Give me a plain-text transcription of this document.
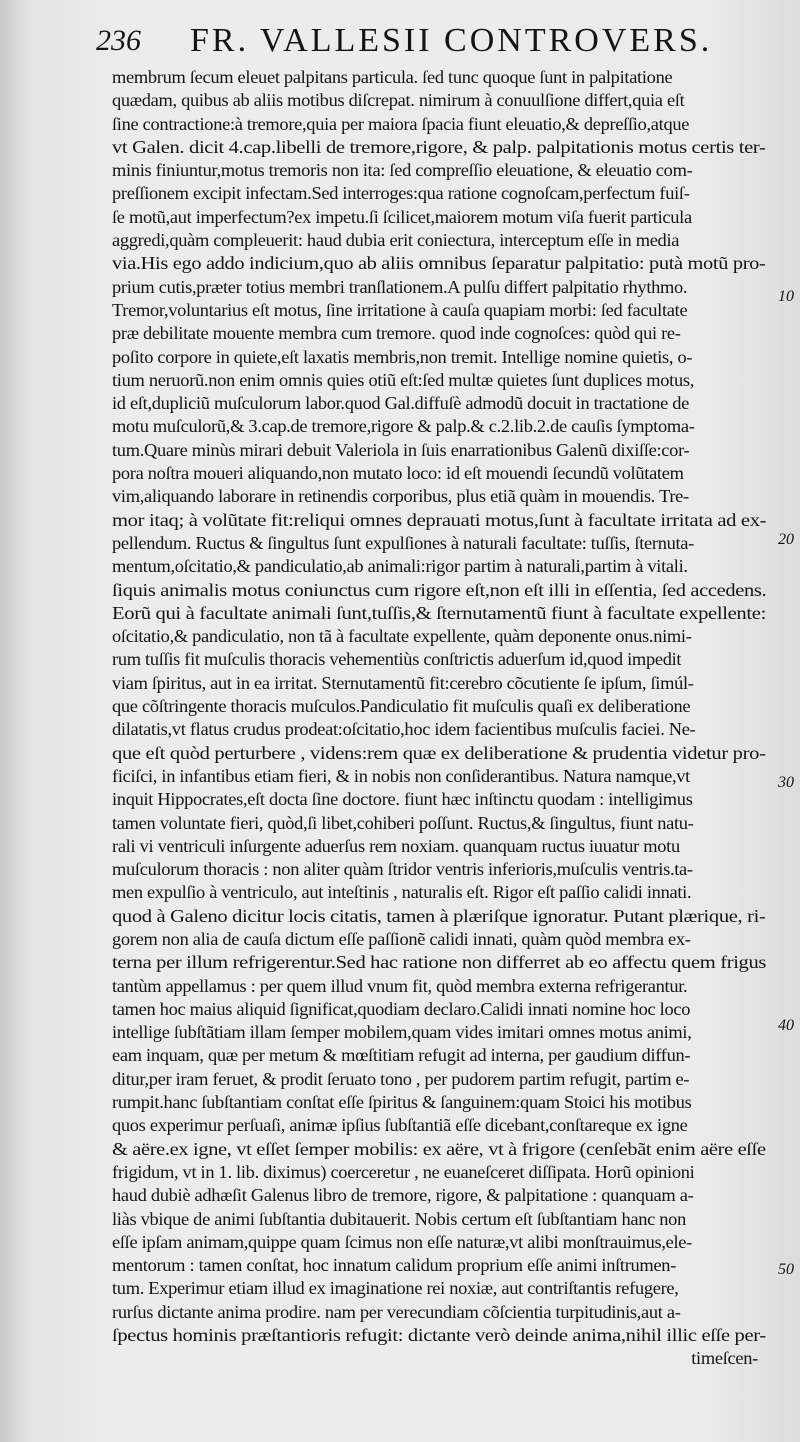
236 FR. VALLESII CONTROVERS.
membrum ſecum eleuet palpitans particula. ſed tunc quoque ſunt in palpitatione
quædam, quibus ab aliis motibus diſcrepat. nimirum à conuulſione differt,quia eſt
ſine contractione:à tremore,quia per maiora ſpacia fiunt eleuatio,& depreſſio,atque
vt Galen. dicit 4.cap.libelli de tremore,rigore, & palp. palpitationis motus certis ter-
minis finiuntur,motus tremoris non ita: ſed compreſſio eleuatione, & eleuatio com-
preſſionem excipit infectam.Sed interroges:qua ratione cognoſcam,perfectum fuiſ-
ſe motũ,aut imperfectum?ex impetu.ſi ſcilicet,maiorem motum viſa fuerit particula
aggredi,quàm compleuerit: haud dubia erit coniectura, interceptum eſſe in media
via.His ego addo indicium,quo ab aliis omnibus ſeparatur palpitatio: putà motũ pro-
prium cutis,præter totius membri tranſlationem.A pulſu differt palpitatio rhythmo.
Tremor,voluntarius eſt motus, ſine irritatione à cauſa quapiam morbi: ſed facultate
præ debilitate mouente membra cum tremore. quod inde cognoſces: quòd qui re-
poſito corpore in quiete,eſt laxatis membris,non tremit. Intellige nomine quietis, o-
tium neruorũ.non enim omnis quies otiũ eſt:ſed multæ quietes ſunt duplices motus,
id eſt,dupliciũ muſculorum labor.quod Gal.diffuſè admodũ docuit in tractatione de
motu muſculorũ,& 3.cap.de tremore,rigore & palp.& c.2.lib.2.de cauſis ſymptoma-
tum.Quare minùs mirari debuit Valeriola in ſuis enarrationibus Galenũ dixiſſe:cor-
pora noſtra moueri aliquando,non mutato loco: id eſt mouendi ſecundũ volũtatem
vim,aliquando laborare in retinendis corporibus, plus etiã quàm in mouendis. Tre-
mor itaq; à volũtate fit:reliqui omnes deprauati motus,ſunt à facultate irritata ad ex-
pellendum. Ructus & ſingultus ſunt expulſiones à naturali facultate: tuſſis, ſternuta-
mentum,oſcitatio,& pandiculatio,ab animali:rigor partim à naturali,partim à vitali.
ſiquis animalis motus coniunctus cum rigore eſt,non eſt illi in eſſentia, ſed accedens.
Eorũ qui à facultate animali ſunt,tuſſis,& ſternutamentũ fiunt à facultate expellente:
oſcitatio,& pandiculatio, non tã à facultate expellente, quàm deponente onus.nimi-
rum tuſſis fit muſculis thoracis vehementiùs conſtrictis aduerſum id,quod impedit
viam ſpiritus, aut in ea irritat. Sternutamentũ fit:cerebro cõcutiente ſe ipſum, ſimúl-
que cõſtringente thoracis muſculos.Pandiculatio fit muſculis quaſi ex deliberatione
dilatatis,vt flatus crudus prodeat:oſcitatio,hoc idem facientibus muſculis faciei. Ne-
que eſt quòd perturbere , videns:rem quæ ex deliberatione & prudentia videtur pro-
ficiſci, in infantibus etiam fieri, & in nobis non conſiderantibus. Natura namque,vt
inquit Hippocrates,eſt docta ſine doctore. fiunt hæc inſtinctu quodam : intelligimus
tamen voluntate fieri, quòd,ſi libet,cohiberi poſſunt. Ructus,& ſingultus, fiunt natu-
rali vi ventriculi inſurgente aduerſus rem noxiam. quanquam ructus iuuatur motu
muſculorum thoracis : non aliter quàm ſtridor ventris inferioris,muſculis ventris.ta-
men expulſio à ventriculo, aut inteſtinis , naturalis eſt. Rigor eſt paſſio calidi innati.
quod à Galeno dicitur locis citatis, tamen à plæriſque ignoratur. Putant plærique, ri-
gorem non alia de cauſa dictum eſſe paſſionẽ calidi innati, quàm quòd membra ex-
terna per illum refrigerentur.Sed hac ratione non differret ab eo affectu quem frigus
tantùm appellamus : per quem illud vnum fit, quòd membra externa refrigerantur.
tamen hoc maius aliquid ſignificat,quodiam declaro.Calidi innati nomine hoc loco
intellige ſubſtãtiam illam ſemper mobilem,quam vides imitari omnes motus animi,
eam inquam, quæ per metum & mœſtitiam refugit ad interna, per gaudium diffun-
ditur,per iram feruet, & prodit ſeruato tono , per pudorem partim refugit, partim e-
rumpit.hanc ſubſtantiam conſtat eſſe ſpiritus & ſanguinem:quam Stoici his motibus
quos experimur perſuaſi, animæ ipſius ſubſtantiã eſſe dicebant,conſtareque ex igne
& aëre.ex igne, vt eſſet ſemper mobilis: ex aëre, vt à frigore (cenſebãt enim aëre eſſe
frigidum, vt in 1. lib. diximus) coerceretur , ne euaneſceret diſſipata. Horũ opinioni
haud dubiè adhæſit Galenus libro de tremore, rigore, & palpitatione : quanquam a-
liàs vbique de animi ſubſtantia dubitauerit. Nobis certum eſt ſubſtantiam hanc non
eſſe ipſam animam,quippe quam ſcimus non eſſe naturæ,vt alibi monſtrauimus,ele-
mentorum : tamen conſtat, hoc innatum calidum proprium eſſe animi inſtrumen-
tum. Experimur etiam illud ex imaginatione rei noxiæ, aut contriſtantis refugere,
rurſus dictante anima prodire. nam per verecundiam cõſcientia turpitudinis,aut a-
ſpectus hominis præſtantioris refugit: dictante verò deinde anima,nihil illic eſſe per-
timeſcen-
10
20
30
40
50
